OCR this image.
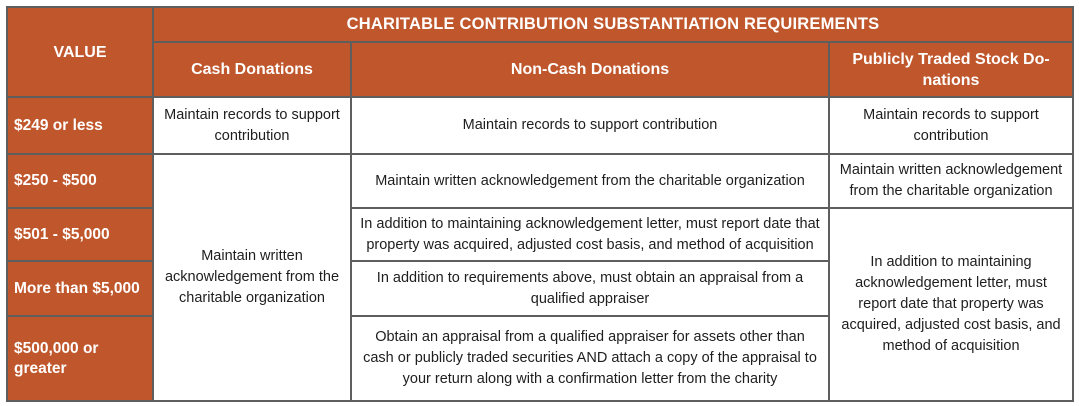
VALUE	CHARITABLE CONTRIBUTION SUBSTANTIATION REQUIREMENTS		
	Cash Donations	Non-Cash Donations	Publicly Traded Stock Do-nations
$249 or less	Maintain records to support contribution	Maintain records to support contribution	Maintain records to support contribution
$250 - $500	Maintain written acknowledgement from the charitable organization	Maintain written acknowledgement from the charitable organization	Maintain written acknowledgement from the charitable organization
$501 - $5,000		In addition to maintaining acknowledgement letter, must report date that property was acquired, adjusted cost basis, and method of acquisition	In addition to maintaining acknowledgement letter, must report date that property was acquired, adjusted cost basis, and method of acquisition
More than $5,000		In addition to requirements above, must obtain an appraisal from a qualified appraiser	
$500,000 or greater		Obtain an appraisal from a qualified appraiser for assets other than cash or publicly traded securities AND attach a copy of the appraisal to your return along with a confirmation letter from the charity	
